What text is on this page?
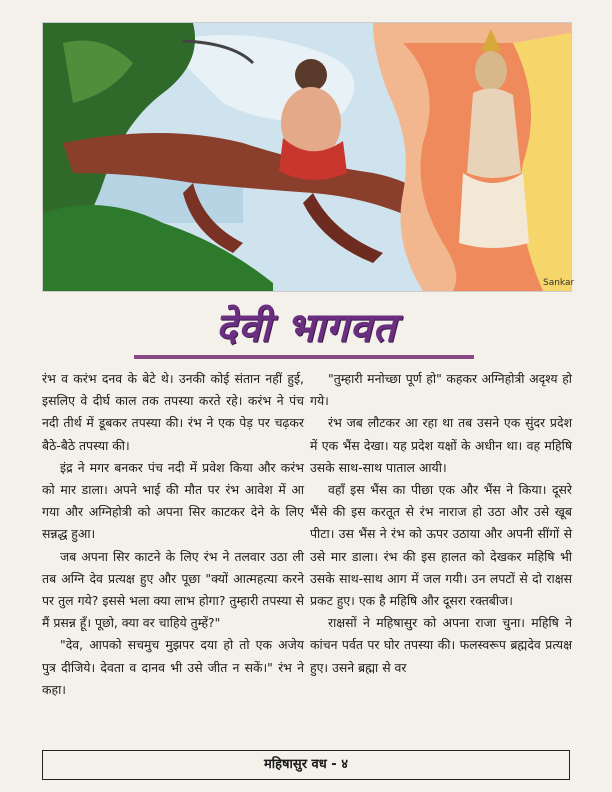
Sankar
देवी भागवत

रंभ व करंभ दनव के बेटे थे। उनकी कोई संतान नहीं हुई, इसलिए वे दीर्घ काल तक तपस्या करते रहे। करंभ ने पंच नदी तीर्थ में डूबकर तपस्या की। रंभ ने एक पेड़ पर चढ़कर बैठे-बैठे तपस्या की।

इंद्र ने मगर बनकर पंच नदी में प्रवेश किया और करंभ को मार डाला। अपने भाई की मौत पर रंभ आवेश में आ गया और अग्निहोत्री को अपना सिर काटकर देने के लिए सन्नद्ध हुआ।

जब अपना सिर काटने के लिए रंभ ने तलवार उठा ली तब अग्नि देव प्रत्यक्ष हुए और पूछा "क्यों आत्महत्या करने पर तुल गये? इससे भला क्या लाभ होगा? तुम्हारी तपस्या से मैं प्रसन्न हूँ। पूछो, क्या वर चाहिये तुम्हें?"

"देव, आपको सचमुच मुझपर दया हो तो एक अजेय पुत्र दीजिये। देवता व दानव भी उसे जीत न सकें।" रंभ ने कहा।

"तुम्हारी मनोच्छा पूर्ण हो" कहकर अग्निहोत्री अदृश्य हो गये।

रंभ जब लौटकर आ रहा था तब उसने एक सुंदर प्रदेश में एक भैंस देखा। यह प्रदेश यक्षों के अधीन था। वह महिषि उसके साथ-साथ पाताल आयी।

वहाँ इस भैंस का पीछा एक और भैंस ने किया। दूसरे भैंसे की इस करतूत से रंभ नाराज हो उठा और उसे खूब पीटा। उस भैंस ने रंभ को ऊपर उठाया और अपनी सींगों से उसे मार डाला। रंभ की इस हालत को देखकर महिषि भी उसके साथ-साथ आग में जल गयी। उन लपटों से दो राक्षस प्रकट हुए। एक है महिषि और दूसरा रक्तबीज।

राक्षसों ने महिषासुर को अपना राजा चुना। महिषि ने कांचन पर्वत पर घोर तपस्या की। फलस्वरूप ब्रह्मदेव प्रत्यक्ष हुए। उसने ब्रह्मा से वर

महिषासुर वध - ४
